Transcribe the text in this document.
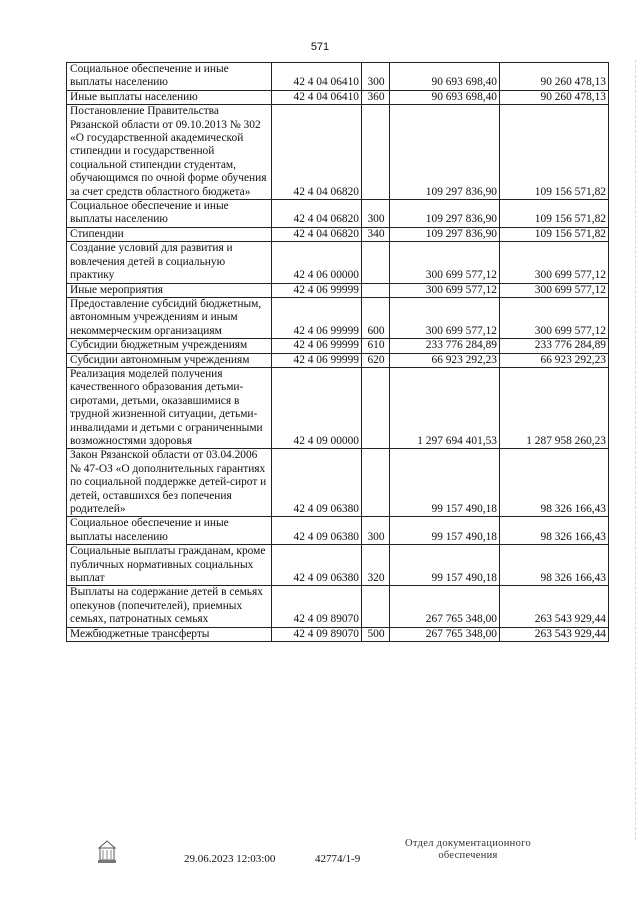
571
Социальное обеспечение и иные выплаты населению	42 4 04 06410	300	90 693 698,40	90 260 478,13
Иные выплаты населению	42 4 04 06410	360	90 693 698,40	90 260 478,13
Постановление Правительства Рязанской области от 09.10.2013 № 302 «О государственной академической стипендии и государственной социальной стипендии студентам, обучающимся по очной форме обучения за счет средств областного бюджета»	42 4 04 06820		109 297 836,90	109 156 571,82
Социальное обеспечение и иные выплаты населению	42 4 04 06820	300	109 297 836,90	109 156 571,82
Стипендии	42 4 04 06820	340	109 297 836,90	109 156 571,82
Создание условий для развития и вовлечения детей в социальную практику	42 4 06 00000		300 699 577,12	300 699 577,12
Иные мероприятия	42 4 06 99999		300 699 577,12	300 699 577,12
Предоставление субсидий бюджетным, автономным учреждениям и иным некоммерческим организациям	42 4 06 99999	600	300 699 577,12	300 699 577,12
Субсидии бюджетным учреждениям	42 4 06 99999	610	233 776 284,89	233 776 284,89
Субсидии автономным учреждениям	42 4 06 99999	620	66 923 292,23	66 923 292,23
Реализация моделей получения качественного образования детьми-сиротами, детьми, оказавшимися в трудной жизненной ситуации, детьми-инвалидами и детьми с ограниченными возможностями здоровья	42 4 09 00000		1 297 694 401,53	1 287 958 260,23
Закон Рязанской области от 03.04.2006 № 47-ОЗ «О дополнительных гарантиях по социальной поддержке детей-сирот и детей, оставшихся без попечения родителей»	42 4 09 06380		99 157 490,18	98 326 166,43
Социальное обеспечение и иные выплаты населению	42 4 09 06380	300	99 157 490,18	98 326 166,43
Социальные выплаты гражданам, кроме публичных нормативных социальных выплат	42 4 09 06380	320	99 157 490,18	98 326 166,43
Выплаты на содержание детей в семьях опекунов (попечителей), приемных семьях, патронатных семьях	42 4 09 89070		267 765 348,00	263 543 929,44
Межбюджетные трансферты	42 4 09 89070	500	267 765 348,00	263 543 929,44
29.06.2023 12:03:00	42774/1-9
Отдел документационного
обеспечения
